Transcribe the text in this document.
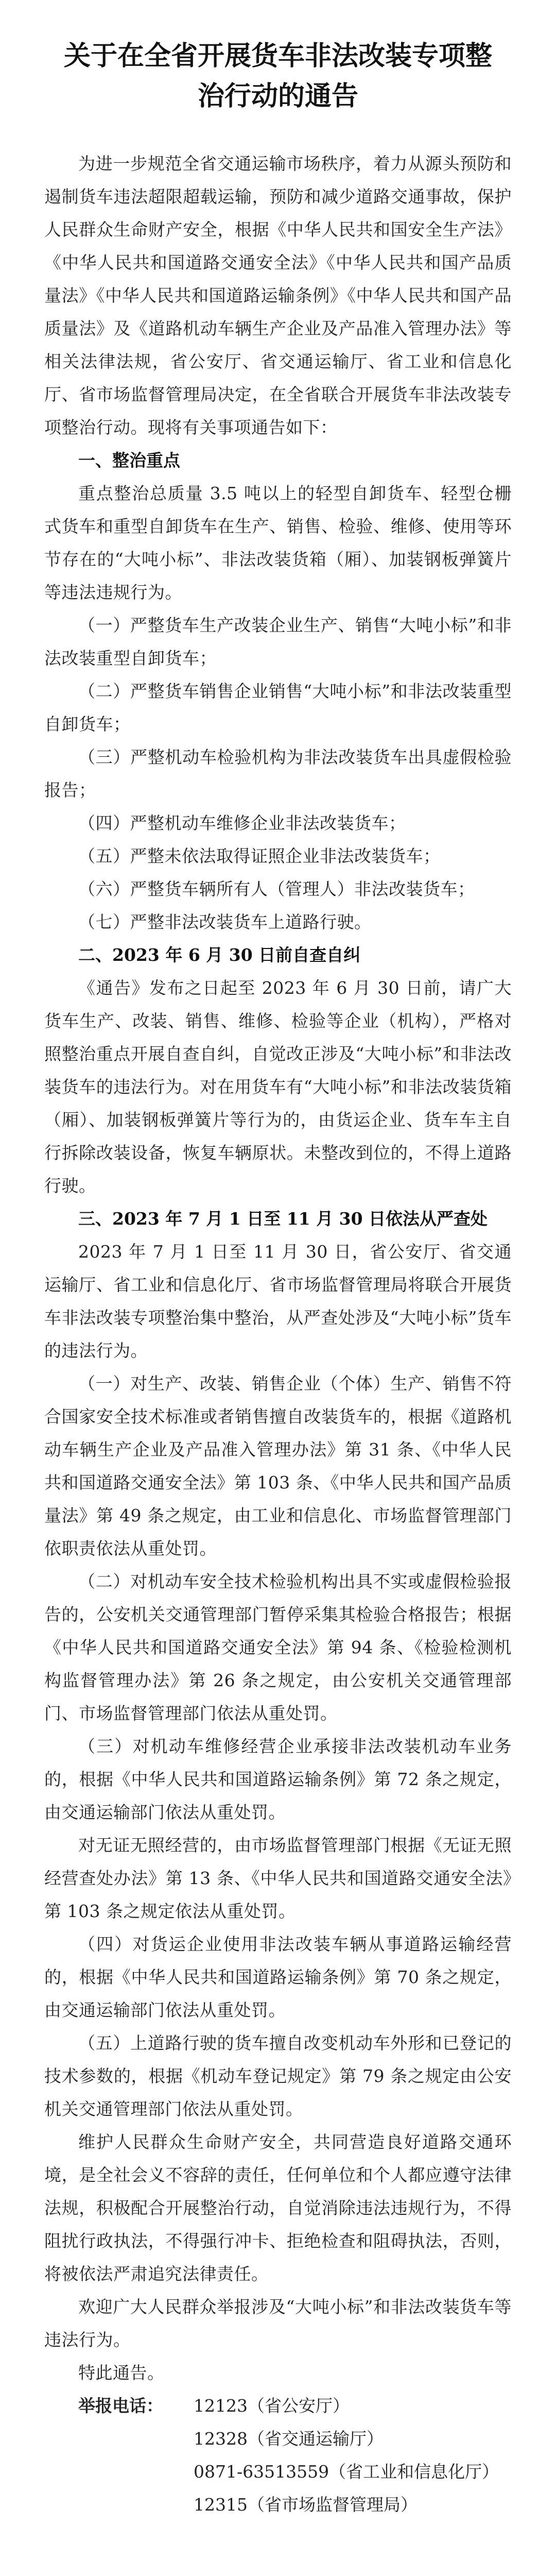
关于在全省开展货车非法改装专项整治行动的通告

为进一步规范全省交通运输市场秩序，着力从源头预防和遏制货车违法超限超载运输，预防和减少道路交通事故，保护人民群众生命财产安全，根据《中华人民共和国安全生产法》《中华人民共和国道路交通安全法》《中华人民共和国产品质量法》《中华人民共和国道路运输条例》《中华人民共和国产品质量法》及《道路机动车辆生产企业及产品准入管理办法》等相关法律法规，省公安厅、省交通运输厅、省工业和信息化厅、省市场监督管理局决定，在全省联合开展货车非法改装专项整治行动。现将有关事项通告如下：

一、整治重点

重点整治总质量 3.5 吨以上的轻型自卸货车、轻型仓栅式货车和重型自卸货车在生产、销售、检验、维修、使用等环节存在的“大吨小标”、非法改装货箱（厢）、加装钢板弹簧片等违法违规行为。

（一）严整货车生产改装企业生产、销售“大吨小标”和非法改装重型自卸货车；

（二）严整货车销售企业销售“大吨小标”和非法改装重型自卸货车；

（三）严整机动车检验机构为非法改装货车出具虚假检验报告；

（四）严整机动车维修企业非法改装货车；

（五）严整未依法取得证照企业非法改装货车；

（六）严整货车辆所有人（管理人）非法改装货车；

（七）严整非法改装货车上道路行驶。

二、2023 年 6 月 30 日前自查自纠

《通告》发布之日起至 2023 年 6 月 30 日前，请广大货车生产、改装、销售、维修、检验等企业（机构），严格对照整治重点开展自查自纠，自觉改正涉及“大吨小标”和非法改装货车的违法行为。对在用货车有“大吨小标”和非法改装货箱（厢）、加装钢板弹簧片等行为的，由货运企业、货车车主自行拆除改装设备，恢复车辆原状。未整改到位的，不得上道路行驶。

三、2023 年 7 月 1 日至 11 月 30 日依法从严查处

2023 年 7 月 1 日至 11 月 30 日，省公安厅、省交通运输厅、省工业和信息化厅、省市场监督管理局将联合开展货车非法改装专项整治集中整治，从严查处涉及“大吨小标”货车的违法行为。

（一）对生产、改装、销售企业（个体）生产、销售不符合国家安全技术标准或者销售擅自改装货车的，根据《道路机动车辆生产企业及产品准入管理办法》第 31 条、《中华人民共和国道路交通安全法》第 103 条、《中华人民共和国产品质量法》第 49 条之规定，由工业和信息化、市场监督管理部门依职责依法从重处罚。

（二）对机动车安全技术检验机构出具不实或虚假检验报告的，公安机关交通管理部门暂停采集其检验合格报告；根据《中华人民共和国道路交通安全法》第 94 条、《检验检测机构监督管理办法》第 26 条之规定，由公安机关交通管理部门、市场监督管理部门依法从重处罚。

（三）对机动车维修经营企业承接非法改装机动车业务的，根据《中华人民共和国道路运输条例》第 72 条之规定，由交通运输部门依法从重处罚。

对无证无照经营的，由市场监督管理部门根据《无证无照经营查处办法》第 13 条、《中华人民共和国道路交通安全法》第 103 条之规定依法从重处罚。

（四）对货运企业使用非法改装车辆从事道路运输经营的，根据《中华人民共和国道路运输条例》第 70 条之规定，由交通运输部门依法从重处罚。

（五）上道路行驶的货车擅自改变机动车外形和已登记的技术参数的，根据《机动车登记规定》第 79 条之规定由公安机关交通管理部门依法从重处罚。

维护人民群众生命财产安全，共同营造良好道路交通环境，是全社会义不容辞的责任，任何单位和个人都应遵守法律法规，积极配合开展整治行动，自觉消除违法违规行为，不得阻扰行政执法，不得强行冲卡、拒绝检查和阻碍执法，否则，将被依法严肃追究法律责任。

欢迎广大人民群众举报涉及“大吨小标”和非法改装货车等违法行为。

特此通告。

举报电话： 12123（省公安厅）

12328（省交通运输厅）

0871-63513559（省工业和信息化厅）

12315（省市场监督管理局）
